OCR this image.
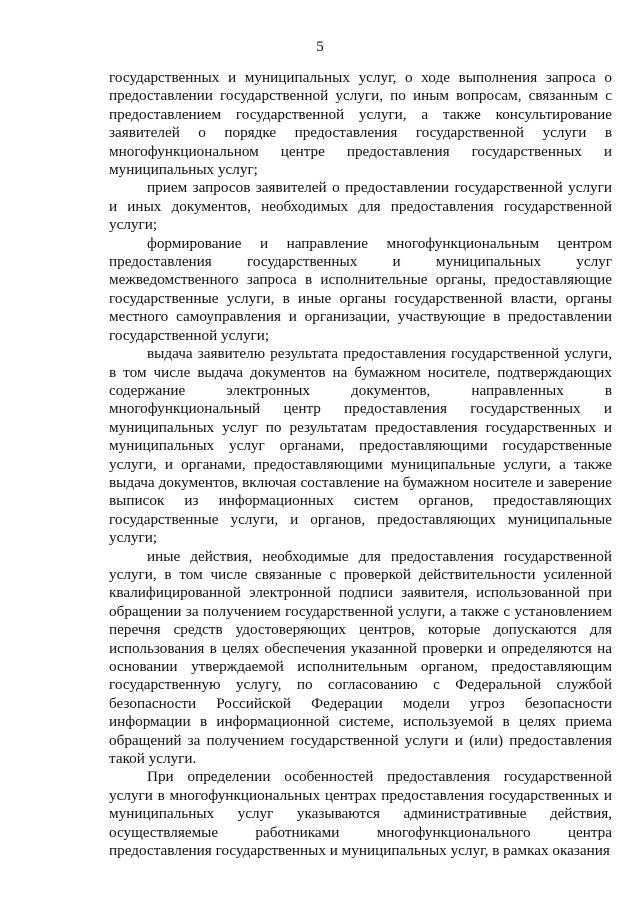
5

государственных и муниципальных услуг, о ходе выполнения запроса о предоставлении государственной услуги, по иным вопросам, связанным с предоставлением государственной услуги, а также консультирование заявителей о порядке предоставления государственной услуги в многофункциональном центре предоставления государственных и муниципальных услуг;

прием запросов заявителей о предоставлении государственной услуги и иных документов, необходимых для предоставления государственной услуги;

формирование и направление многофункциональным центром предоставления государственных и муниципальных услуг межведомственного запроса в исполнительные органы, предоставляющие государственные услуги, в иные органы государственной власти, органы местного самоуправления и организации, участвующие в предоставлении государственной услуги;

выдача заявителю результата предоставления государственной услуги, в том числе выдача документов на бумажном носителе, подтверждающих содержание электронных документов, направленных в многофункциональный центр предоставления государственных и муниципальных услуг по результатам предоставления государственных и муниципальных услуг органами, предоставляющими государственные услуги, и органами, предоставляющими муниципальные услуги, а также выдача документов, включая составление на бумажном носителе и заверение выписок из информационных систем органов, предоставляющих государственные услуги, и органов, предоставляющих муниципальные услуги;

иные действия, необходимые для предоставления государственной услуги, в том числе связанные с проверкой действительности усиленной квалифицированной электронной подписи заявителя, использованной при обращении за получением государственной услуги, а также с установлением перечня средств удостоверяющих центров, которые допускаются для использования в целях обеспечения указанной проверки и определяются на основании утверждаемой исполнительным органом, предоставляющим государственную услугу, по согласованию с Федеральной службой безопасности Российской Федерации модели угроз безопасности информации в информационной системе, используемой в целях приема обращений за получением государственной услуги и (или) предоставления такой услуги.

При определении особенностей предоставления государственной услуги в многофункциональных центрах предоставления государственных и муниципальных услуг указываются административные действия, осуществляемые работниками многофункционального центра предоставления государственных и муниципальных услуг, в рамках оказания
